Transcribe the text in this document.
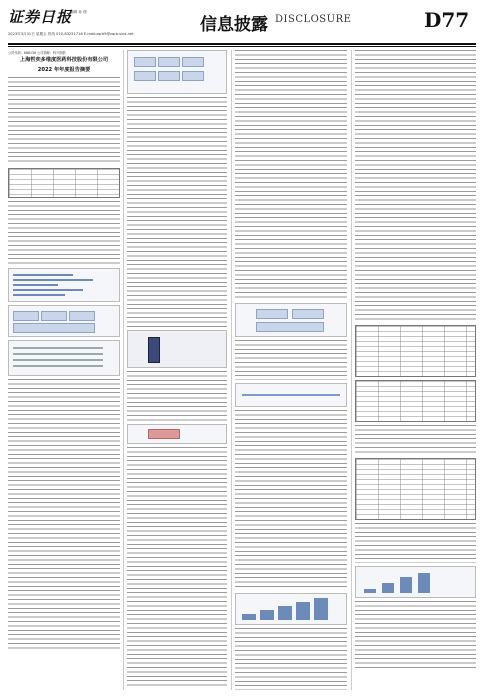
证券日报
编辑 孙 倩
2023年3月31日 星期五 热线 010-83251716 E-mail:zqrb9@zqrb.sina.net	信息披露 DISCLOSURE	D77
公司代码：688136 公司简称：科兴制药
上海哲奕多维度医药科技股份有限公司
2022 年年度报告摘要
